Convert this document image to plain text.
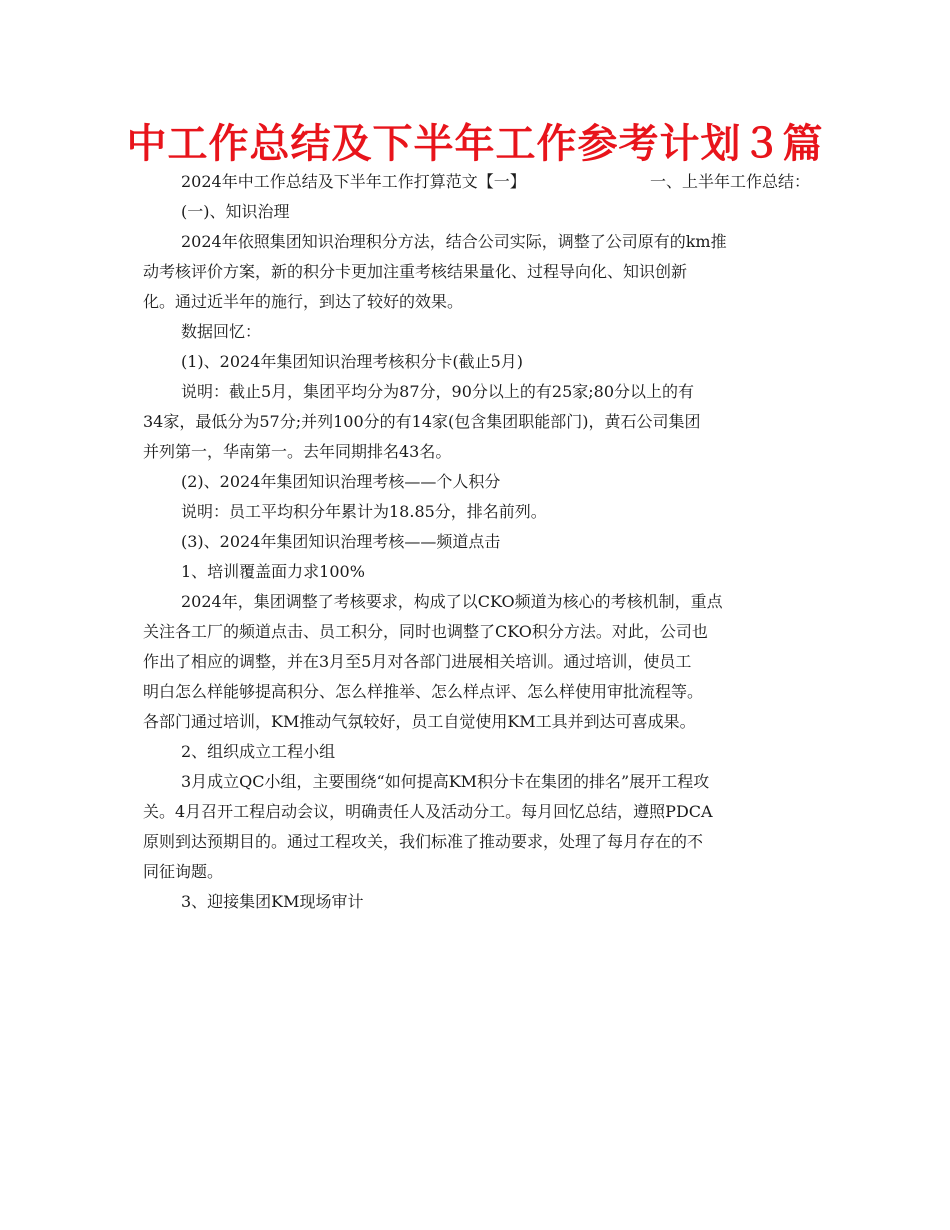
中工作总结及下半年工作参考计划３篇
2024年中工作总结及下半年工作打算范文【一】	一、上半年工作总结：
(一)、知识治理
2024年依照集团知识治理积分方法，结合公司实际，调整了公司原有的km推
动考核评价方案，新的积分卡更加注重考核结果量化、过程导向化、知识创新
化。通过近半年的施行，到达了较好的效果。
数据回忆：
(1)、2024年集团知识治理考核积分卡(截止5月)
说明：截止5月，集团平均分为87分，90分以上的有25家;80分以上的有
34家，最低分为57分;并列100分的有14家(包含集团职能部门)，黄石公司集团
并列第一，华南第一。去年同期排名43名。
(2)、2024年集团知识治理考核——个人积分
说明：员工平均积分年累计为18.85分，排名前列。
(3)、2024年集团知识治理考核——频道点击
1、培训覆盖面力求100%
2024年，集团调整了考核要求，构成了以CKO频道为核心的考核机制，重点
关注各工厂的频道点击、员工积分，同时也调整了CKO积分方法。对此，公司也
作出了相应的调整，并在3月至5月对各部门进展相关培训。通过培训，使员工
明白怎么样能够提高积分、怎么样推举、怎么样点评、怎么样使用审批流程等。
各部门通过培训，KM推动气氛较好，员工自觉使用KM工具并到达可喜成果。
2、组织成立工程小组
3月成立QC小组，主要围绕“如何提高KM积分卡在集团的排名”展开工程攻
关。4月召开工程启动会议，明确责任人及活动分工。每月回忆总结，遵照PDCA
原则到达预期目的。通过工程攻关，我们标准了推动要求，处理了每月存在的不
同征询题。
3、迎接集团KM现场审计
